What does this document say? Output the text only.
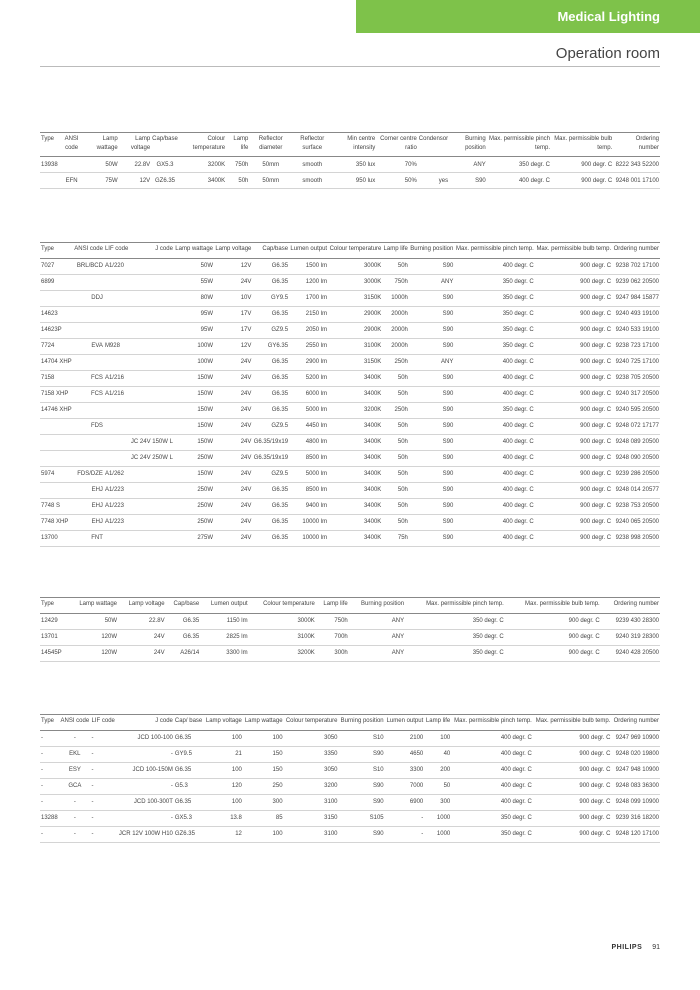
Medical Lighting
Operation room
Type	ANSI code	Lamp wattage	Lamp voltage	Cap/base	Colour temperature	Lamp life	Reflector diameter	Reflector surface	Min centre intensity	Corner centre ratio	Condensor	Burning position	Max. permissible pinch temp.	Max. permissible bulb temp.	Ordering number
13938		50W	22.8V	GX5.3	3200K	750h	50mm	smooth	350 lux	70%		ANY	350 degr. C	900 degr. C	8222 343 52200
	EFN	75W	12V	GZ6.35	3400K	50h	50mm	smooth	950 lux	50%	yes	S90	400 degr. C	900 degr. C	9248 001 17100
Type	ANSI code	LIF code	J code	Lamp wattage	Lamp voltage	Cap/base	Lumen output	Colour temperature	Lamp life	Burning position	Max. permissible pinch temp.	Max. permissible bulb temp.	Ordering number
7027	BRL/BCD	A1/220		50W	12V	G6.35	1500 lm	3000K	50h	S90	400 degr. C	900 degr. C	9238 702 17100
6899				55W	24V	G6.35	1200 lm	3000K	750h	ANY	350 degr. C	900 degr. C	9239 062 20500
	DDJ			80W	10V	GY9.5	1700 lm	3150K	1000h	S90	350 degr. C	900 degr. C	9247 984 15877
14623				95W	17V	G6.35	2150 lm	2900K	2000h	S90	350 degr. C	900 degr. C	9240 493 19100
14623P				95W	17V	GZ9.5	2050 lm	2900K	2000h	S90	350 degr. C	900 degr. C	9240 533 19100
7724	EVA	M928		100W	12V	GY6.35	2550 lm	3100K	2000h	S90	350 degr. C	900 degr. C	9238 723 17100
14704 XHP				100W	24V	G6.35	2900 lm	3150K	250h	ANY	400 degr. C	900 degr. C	9240 725 17100
7158	FCS	A1/216		150W	24V	G6.35	5200 lm	3400K	50h	S90	400 degr. C	900 degr. C	9238 705 20500
7158 XHP	FCS	A1/216		150W	24V	G6.35	6000 lm	3400K	50h	S90	400 degr. C	900 degr. C	9240 317 20500
14746 XHP				150W	24V	G6.35	5000 lm	3200K	250h	S90	350 degr. C	900 degr. C	9240 595 20500
	FDS			150W	24V	GZ9.5	4450 lm	3400K	50h	S90	400 degr. C	900 degr. C	9248 072 17177
			JC 24V 150W L	150W	24V	G6.35/19x19	4800 lm	3400K	50h	S90	400 degr. C	900 degr. C	9248 089 20500
			JC 24V 250W L	250W	24V	G6.35/19x19	8500 lm	3400K	50h	S90	400 degr. C	900 degr. C	9248 090 20500
5974	FDS/DZE	A1/262		150W	24V	GZ9.5	5000 lm	3400K	50h	S90	400 degr. C	900 degr. C	9239 286 20500
	EHJ	A1/223		250W	24V	G6.35	8500 lm	3400K	50h	S90	400 degr. C	900 degr. C	9248 014 20577
7748 S	EHJ	A1/223		250W	24V	G6.35	9400 lm	3400K	50h	S90	400 degr. C	900 degr. C	9238 753 20500
7748 XHP	EHJ	A1/223		250W	24V	G6.35	10000 lm	3400K	50h	S90	400 degr. C	900 degr. C	9240 065 20500
13700	FNT			275W	24V	G6.35	10000 lm	3400K	75h	S90	400 degr. C	900 degr. C	9238 998 20500
Type	Lamp wattage	Lamp voltage	Cap/base	Lumen output	Colour temperature	Lamp life	Burning position	Max. permissible pinch temp.	Max. permissible bulb temp.	Ordering number
12429	50W	22.8V	G6.35	1150 lm	3000K	750h	ANY	350 degr. C	900 degr. C	9239 430 28300
13701	120W	24V	G6.35	2825 lm	3100K	700h	ANY	350 degr. C	900 degr. C	9240 319 28300
14545P	120W	24V	A26/14	3300 lm	3200K	300h	ANY	350 degr. C	900 degr. C	9240 428 20500
Type	ANSI code	LIF code	J code	Cap/ base	Lamp voltage	Lamp wattage	Colour temperature	Burning position	Lumen output	Lamp life	Max. permissible pinch temp.	Max. permissible bulb temp.	Ordering number
-	-	-	JCD 100-100	G6.35	100	100	3050	S10	2100	100	400 degr. C	900 degr. C	9247 969 10900
-	EKL	-	-	GY9.5	21	150	3350	S90	4650	40	400 degr. C	900 degr. C	9248 020 19800
-	ESY	-	JCD 100-150M	G6.35	100	150	3050	S10	3300	200	400 degr. C	900 degr. C	9247 948 10900
-	GCA	-	-	G5.3	120	250	3200	S90	7000	50	400 degr. C	900 degr. C	9248 083 36300
-	-	-	JCD 100-300T	G6.35	100	300	3100	S90	6900	300	400 degr. C	900 degr. C	9248 099 10900
13288	-	-	-	GX5.3	13.8	85	3150	S105	-	1000	350 degr. C	900 degr. C	9239 316 18200
-	-	-	JCR 12V 100W H10	GZ6.35	12	100	3100	S90	-	1000	350 degr. C	900 degr. C	9248 120 17100
PHILIPS 91
